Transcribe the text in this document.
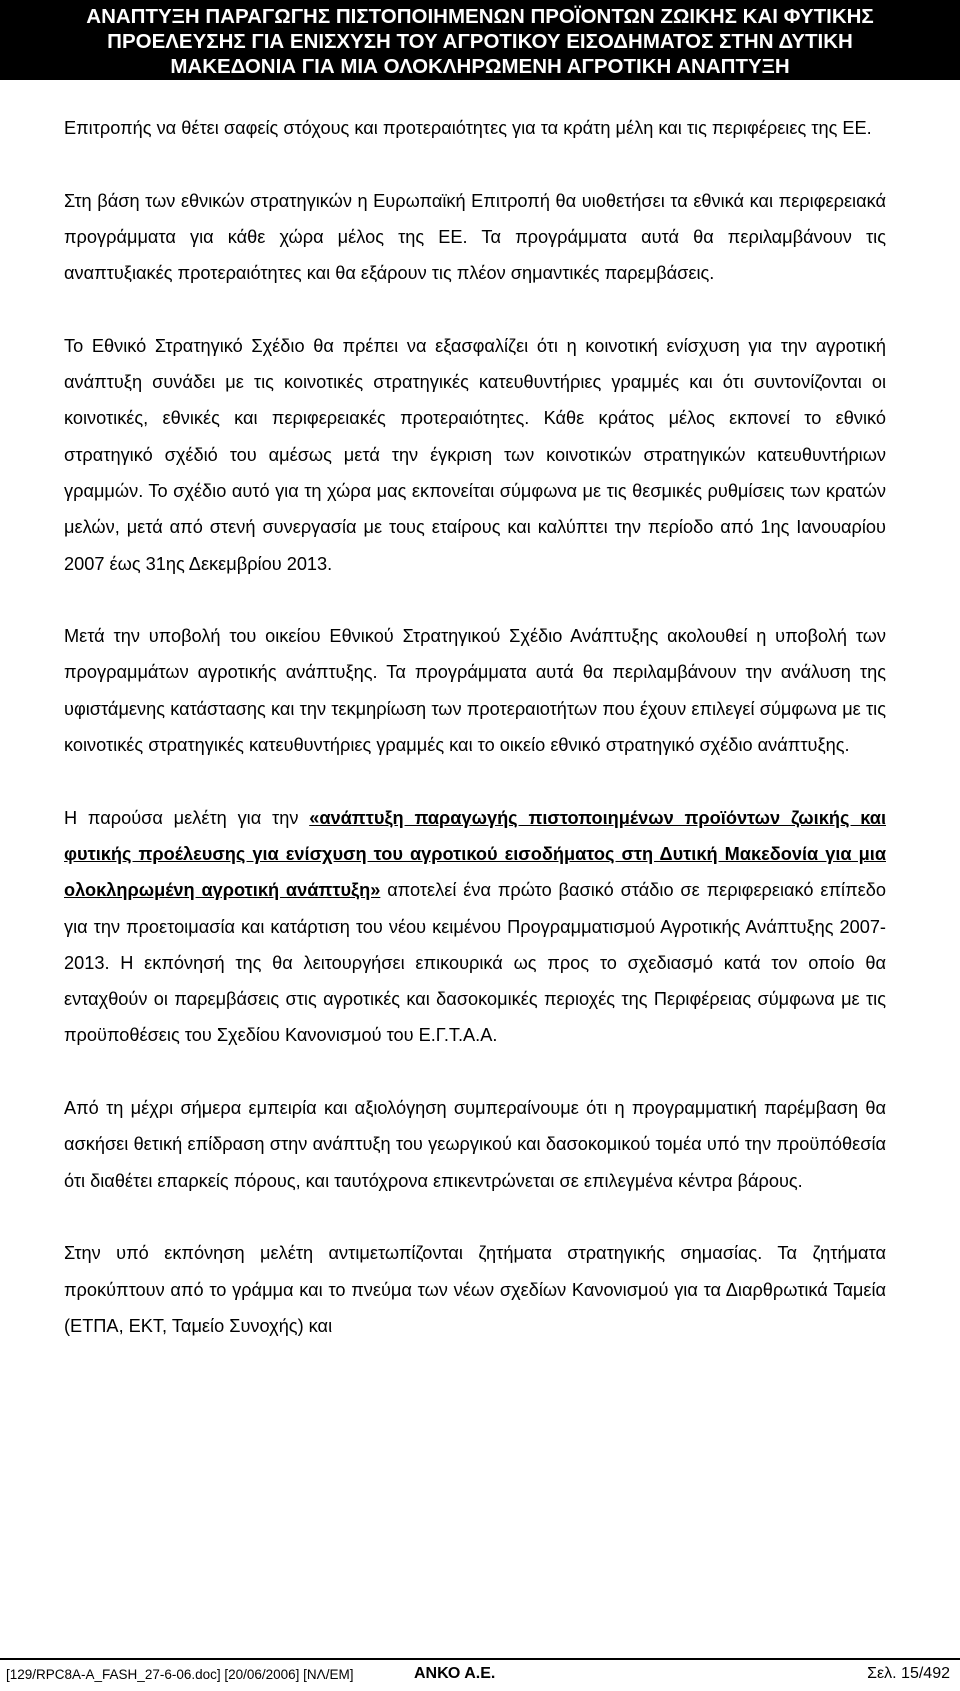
ΑΝΑΠΤΥΞΗ ΠΑΡΑΓΩΓΗΣ ΠΙΣΤΟΠΟΙΗΜΕΝΩΝ ΠΡΟΪΟΝΤΩΝ ΖΩΙΚΗΣ ΚΑΙ ΦΥΤΙΚΗΣ
ΠΡΟΕΛΕΥΣΗΣ ΓΙΑ ΕΝΙΣΧΥΣΗ ΤΟΥ ΑΓΡΟΤΙΚΟΥ ΕΙΣΟΔΗΜΑΤΟΣ ΣΤΗΝ ΔΥΤΙΚΗ
ΜΑΚΕΔΟΝΙΑ ΓΙΑ ΜΙΑ ΟΛΟΚΛΗΡΩΜΕΝΗ ΑΓΡΟΤΙΚΗ ΑΝΑΠΤΥΞΗ

Επιτροπής να θέτει σαφείς στόχους και προτεραιότητες για τα κράτη μέλη και τις περιφέρειες της ΕΕ.

Στη βάση των εθνικών στρατηγικών η Ευρωπαϊκή Επιτροπή θα υιοθετήσει τα εθνικά και περιφερειακά προγράμματα για κάθε χώρα μέλος της ΕΕ. Τα προγράμματα αυτά θα περιλαμβάνουν τις αναπτυξιακές προτεραιότητες και θα εξάρουν τις πλέον σημαντικές παρεμβάσεις.

Το Εθνικό Στρατηγικό Σχέδιο θα πρέπει να εξασφαλίζει ότι η κοινοτική ενίσχυση για την αγροτική ανάπτυξη συνάδει με τις κοινοτικές στρατηγικές κατευθυντήριες γραμμές και ότι συντονίζονται οι κοινοτικές, εθνικές και περιφερειακές προτεραιότητες. Κάθε κράτος μέλος εκπονεί το εθνικό στρατηγικό σχέδιό του αμέσως μετά την έγκριση των κοινοτικών στρατηγικών κατευθυντήριων γραμμών. Το σχέδιο αυτό για τη χώρα μας εκπονείται σύμφωνα με τις θεσμικές ρυθμίσεις των κρατών μελών, μετά από στενή συνεργασία με τους εταίρους και καλύπτει την περίοδο από 1ης Ιανουαρίου 2007 έως 31ης Δεκεμβρίου 2013.

Μετά την υποβολή του οικείου Εθνικού Στρατηγικού Σχέδιο Ανάπτυξης ακολουθεί η υποβολή των προγραμμάτων αγροτικής ανάπτυξης. Τα προγράμματα αυτά θα περιλαμβάνουν την ανάλυση της υφιστάμενης κατάστασης και την τεκμηρίωση των προτεραιοτήτων που έχουν επιλεγεί σύμφωνα με τις κοινοτικές στρατηγικές κατευθυντήριες γραμμές και το οικείο εθνικό στρατηγικό σχέδιο ανάπτυξης.

Η παρούσα μελέτη για την «ανάπτυξη παραγωγής πιστοποιημένων προϊόντων ζωικής και φυτικής προέλευσης για ενίσχυση του αγροτικού εισοδήματος στη Δυτική Μακεδονία για μια ολοκληρωμένη αγροτική ανάπτυξη» αποτελεί ένα πρώτο βασικό στάδιο σε περιφερειακό επίπεδο για την προετοιμασία και κατάρτιση του νέου κειμένου Προγραμματισμού Αγροτικής Ανάπτυξης 2007-2013. Η εκπόνησή της θα λειτουργήσει επικουρικά ως προς το σχεδιασμό κατά τον οποίο θα ενταχθούν οι παρεμβάσεις στις αγροτικές και δασοκομικές περιοχές της Περιφέρειας σύμφωνα με τις προϋποθέσεις του Σχεδίου Κανονισμού του Ε.Γ.Τ.Α.Α.

Από τη μέχρι σήμερα εμπειρία και αξιολόγηση συμπεραίνουμε ότι η προγραμματική παρέμβαση θα ασκήσει θετική επίδραση στην ανάπτυξη του γεωργικού και δασοκομικού τομέα υπό την προϋπόθεσία ότι διαθέτει επαρκείς πόρους, και ταυτόχρονα επικεντρώνεται σε επιλεγμένα κέντρα βάρους.

Στην υπό εκπόνηση μελέτη αντιμετωπίζονται ζητήματα στρατηγικής σημασίας. Τα ζητήματα προκύπτουν από το γράμμα και το πνεύμα των νέων σχεδίων Κανονισμού για τα Διαρθρωτικά Ταμεία (ΕΤΠΑ, ΕΚΤ, Ταμείο Συνοχής) και

[129/RPC8A-A_FASH_27-6-06.doc] [20/06/2006] [ΝΛ/ΕΜ]	ΑΝΚΟ Α.Ε.	Σελ. 15/492
